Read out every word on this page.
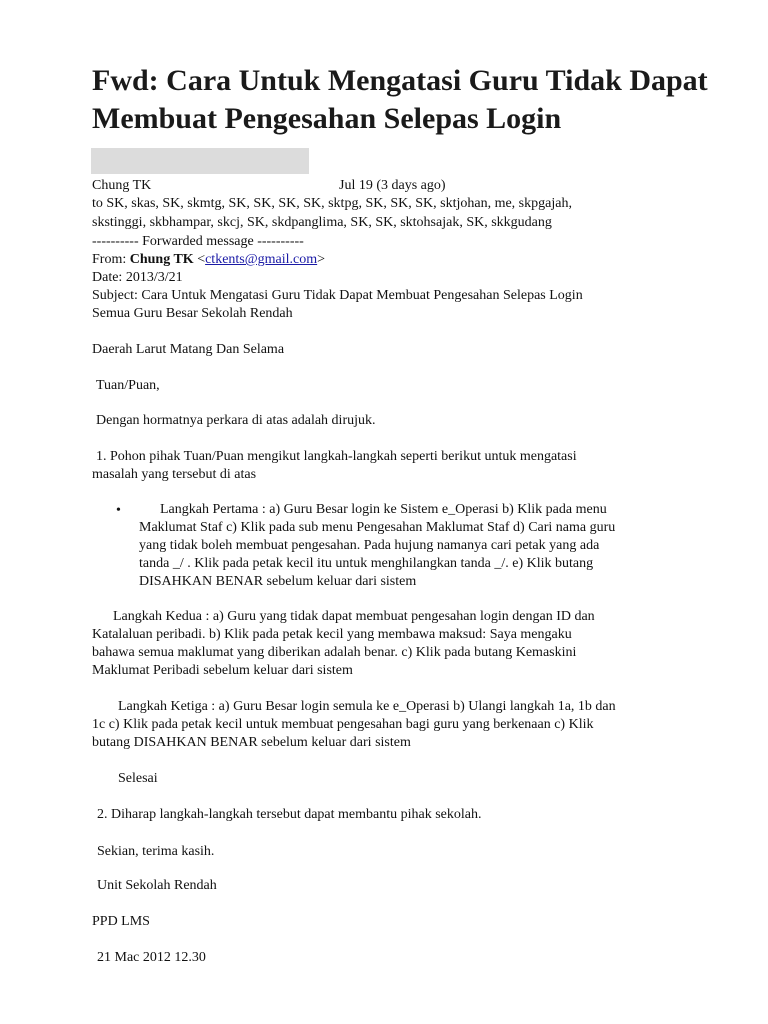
Fwd: Cara Untuk Mengatasi Guru Tidak Dapat Membuat Pengesahan Selepas Login
Chung TK	Jul 19 (3 days ago)
to SK, skas, SK, skmtg, SK, SK, SK, SK, sktpg, SK, SK, SK, sktjohan, me, skpgajah,
skstinggi, skbhampar, skcj, SK, skdpanglima, SK, SK, sktohsajak, SK, skkgudang
---------- Forwarded message ----------
From: Chung TK <ctkents@gmail.com>
Date: 2013/3/21
Subject: Cara Untuk Mengatasi Guru Tidak Dapat Membuat Pengesahan Selepas Login
Semua Guru Besar Sekolah Rendah
Daerah Larut Matang Dan Selama
Tuan/Puan,
Dengan hormatnya perkara di atas adalah dirujuk.
1. Pohon pihak Tuan/Puan mengikut langkah-langkah seperti berikut untuk mengatasi
masalah yang tersebut di atas
•	Langkah Pertama : a) Guru Besar login ke Sistem e_Operasi b) Klik pada menu
Maklumat Staf c) Klik pada sub menu Pengesahan Maklumat Staf d) Cari nama guru
yang tidak boleh membuat pengesahan. Pada hujung namanya cari petak yang ada
tanda _/ . Klik pada petak kecil itu untuk menghilangkan tanda _/. e) Klik butang
DISAHKAN BENAR sebelum keluar dari sistem
Langkah Kedua : a) Guru yang tidak dapat membuat pengesahan login dengan ID dan
Katalaluan peribadi. b) Klik pada petak kecil yang membawa maksud: Saya mengaku
bahawa semua maklumat yang diberikan adalah benar. c) Klik pada butang Kemaskini
Maklumat Peribadi sebelum keluar dari sistem
Langkah Ketiga : a) Guru Besar login semula ke e_Operasi b) Ulangi langkah 1a, 1b dan
1c c) Klik pada petak kecil untuk membuat pengesahan bagi guru yang berkenaan c) Klik
butang DISAHKAN BENAR sebelum keluar dari sistem
Selesai
2. Diharap langkah-langkah tersebut dapat membantu pihak sekolah.
Sekian, terima kasih.
Unit Sekolah Rendah
PPD LMS
21 Mac 2012 12.30
